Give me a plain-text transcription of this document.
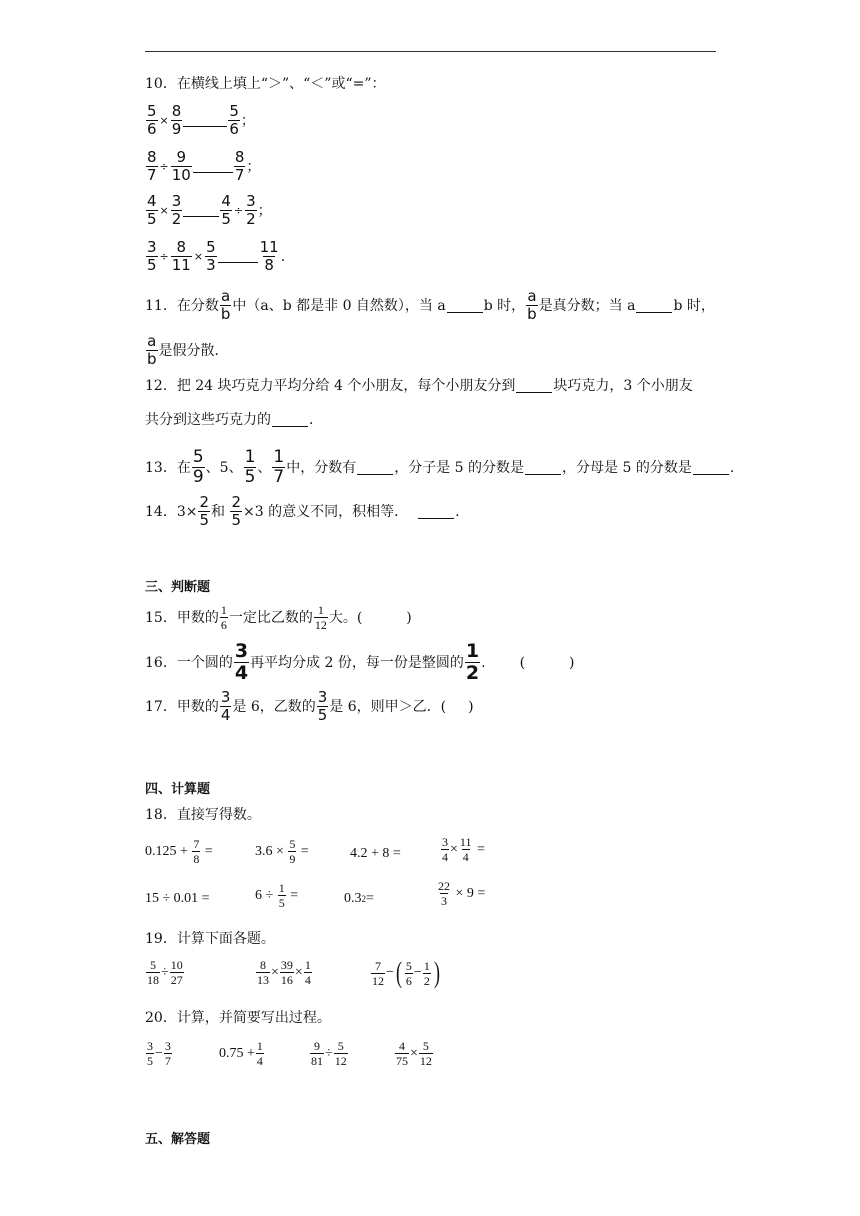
10．在横线上填上“＞”、“＜”或“=”：
$\frac{5}{6} \times \frac{8}{9}$	$\frac{5}{6}$ ；
$\frac{8}{7} \div \frac{9}{10}$	$\frac{8}{7}$ ；
$\frac{4}{5} \times \frac{3}{2}$	$\frac{4}{5} \div \frac{3}{2}$ ；
$\frac{3}{5} \div \frac{8}{11} \times \frac{5}{3}$	$\frac{11}{8}$ .
11．在分数 $\frac{a}{b}$ 中（a、b 都是非 0 自然数），当 a	b 时， $\frac{a}{b}$ 是真分数；当 a	b 时，
$\frac{a}{b}$ 是假分散．
12．把 24 块巧克力平均分给 4 个小朋友，每个小朋友分到	块巧克力，3 个小朋友
共分到这些巧克力的	．
13．在 $\frac{5}{9}$ 、5、 $\frac{1}{5}$ 、 $\frac{1}{7}$ 中，分数有	，分子是 5 的分数是	，分母是 5 的分数是	.
14．$3\times \frac{2}{5}$ 和
$\frac{2}{5} \times 3$ 的意义不同，积相等．	.
三、判断题
15．甲数的 $\frac{1}{6}$ 一定比乙数的 $\frac{1}{12}$ 大。(	)
16．一个圆的 $\frac{3}{4}$ 再平均分成 2 份，每一份是整圆的 $\frac{1}{2}$ . (	)
17．甲数的 $\frac{3}{4}$ 是 6，乙数的 $\frac{3}{5}$ 是 6，则甲＞乙．( )
四、计算题
18．直接写得数。
0.125 +
$\frac{7}{8}$
=	3.6 ×
$\frac{5}{9}$
=	4.2 + 8 =	$\frac{3}{4} \times \frac{11}{4}$
=
15 ÷ 0.01 =	6 ÷
$\frac{1}{5}$
=	0.3 2 =	$\frac{22}{3}$
× 9 =
19．计算下面各题。
$\frac{5}{18} \div \frac{10}{27}$	$\frac{8}{13} \times \frac{39}{16} \times \frac{1}{4}$	$\frac{7}{12}$ − ( $\frac{5}{6} - \frac{1}{2}$ )
20．计算，并简要写出过程。
$\frac{3}{5} - \frac{3}{7}$	$0.75 + \frac{1}{4}$	$\frac{9}{81} \div \frac{5}{12}$	$\frac{4}{75} \times \frac{5}{12}$
五、解答题
